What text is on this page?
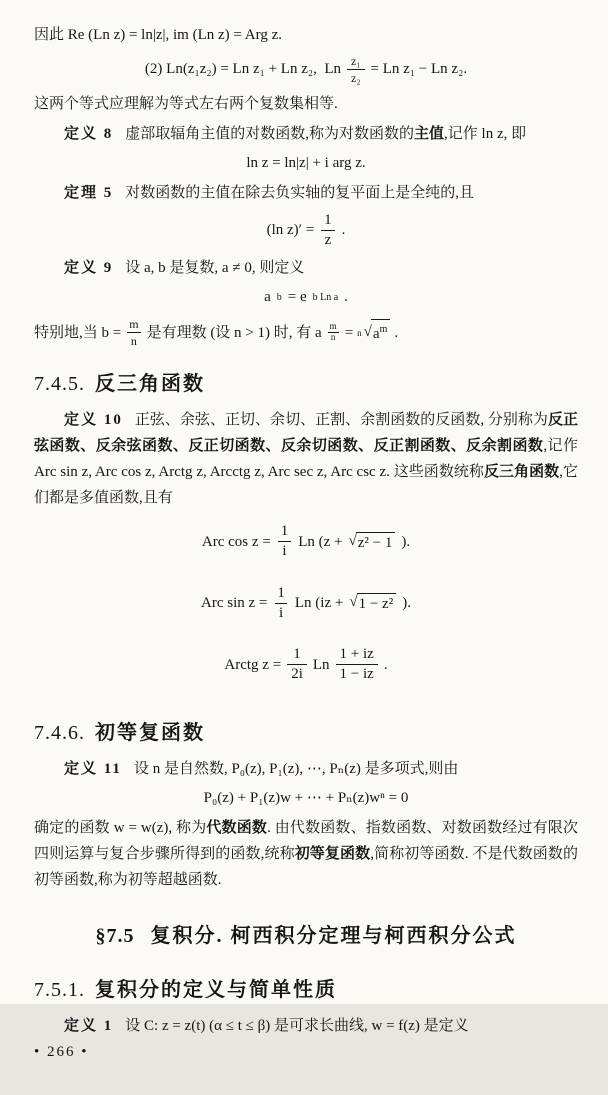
因此 Re (Ln z) = ln|z|, im (Ln z) = Arg z.

(2) Ln(z₁z₂) = Ln z₁ + Ln z₂,  Ln $\frac{\text{z₁}}{\text{z₂}} = Ln$ z₁ − Ln z₂.

这两个等式应理解为等式左右两个复数集相等.

定义 8 虚部取辐角主值的对数函数,称为对数函数的主值,记作 ln z, 即

ln z = ln|z| + i arg z.

定理 5 对数函数的主值在除去负实轴的复平面上是全纯的,且

(ln $z)' = \frac{1}{z}$ .

定义 9 设 a, b 是复数, a ≠ 0, 则定义

a b = e b Ln a .
特别地,当 $b = \frac{m}{n}$ 是有理数 (设 n > 1) 时, 有 a $\frac{m}{n} = n$ √ $a^m$ .
7.4.5. 反三角函数

定义 10 正弦、余弦、正切、余切、正割、余割函数的反函数, 分别称为反正弦函数、反余弦函数、反正切函数、反余切函数、反正割函数、反余割函数,记作 Arc sin z, Arc cos z, Arctg z, Arcctg z, Arc sec z, Arc csc z. 这些函数统称反三角函数,它们都是多值函数,且有

Arc $\cos z = \frac{1}{i}$ Ln (z + √ z² − 1 ).
Arc $\sin z = \frac{1}{i}$ Ln (iz + √ 1 − z² ).
Arctg $z = \frac{1}{2i}$ Ln $\frac{1 + iz}{1 - iz}$ .
7.4.6. 初等复函数

定义 11 设 n 是自然数, P₀(z), P₁(z), ⋯, Pₙ(z) 是多项式,则由

P₀(z) + P₁(z)w + ⋯ + Pₙ(z)wⁿ = 0

确定的函数 w = w(z), 称为代数函数. 由代数函数、指数函数、对数函数经过有限次四则运算与复合步骤所得到的函数,统称初等复函数,简称初等函数. 不是代数函数的初等函数,称为初等超越函数.

§7.5 复积分. 柯西积分定理与柯西积分公式
7.5.1. 复积分的定义与简单性质

定义 1 设 C: z = z(t) (α ≤ t ≤ β) 是可求长曲线, w = f(z) 是定义

• 266 •
